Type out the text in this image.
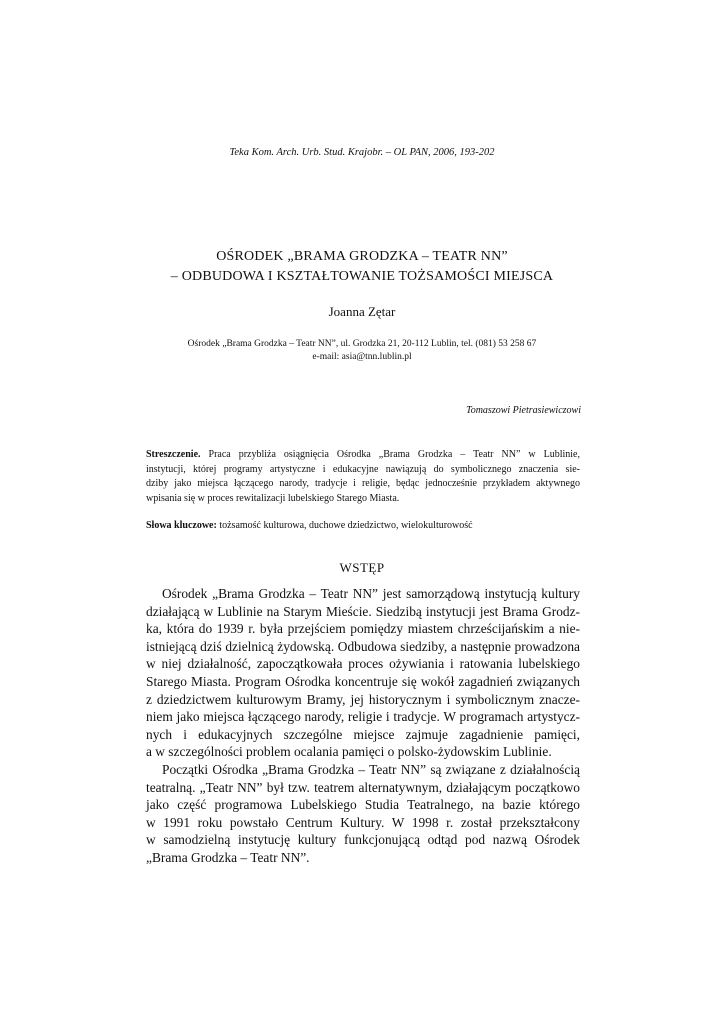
Teka Kom. Arch. Urb. Stud. Krajobr. – OL PAN, 2006, 193-202
OŚRODEK „BRAMA GRODZKA – TEATR NN”
– ODBUDOWA I KSZTAŁTOWANIE TOŻSAMOŚCI MIEJSCA
Joanna Zętar
Ośrodek „Brama Grodzka – Teatr NN”, ul. Grodzka 21, 20-112 Lublin, tel. (081) 53 258 67
e-mail: asia@tnn.lublin.pl
Tomaszowi Pietrasiewiczowi
Streszczenie. Praca przybliża osiągnięcia Ośrodka „Brama Grodzka – Teatr NN” w Lublinie,
instytucji, której programy artystyczne i edukacyjne nawiązują do symbolicznego znaczenia sie-
dziby jako miejsca łączącego narody, tradycje i religie, będąc jednocześnie przykładem aktywnego
wpisania się w proces rewitalizacji lubelskiego Starego Miasta.
Słowa kluczowe: tożsamość kulturowa, duchowe dziedzictwo, wielokulturowość
WSTĘP
Ośrodek „Brama Grodzka – Teatr NN” jest samorządową instytucją kultury
działającą w Lublinie na Starym Mieście. Siedzibą instytucji jest Brama Grodz-
ka, która do 1939 r. była przejściem pomiędzy miastem chrześcijańskim a nie-
istniejącą dziś dzielnicą żydowską. Odbudowa siedziby, a następnie prowadzona
w niej działalność, zapoczątkowała proces ożywiania i ratowania lubelskiego
Starego Miasta. Program Ośrodka koncentruje się wokół zagadnień związanych
z dziedzictwem kulturowym Bramy, jej historycznym i symbolicznym znacze-
niem jako miejsca łączącego narody, religie i tradycje. W programach artystycz-
nych i edukacyjnych szczególne miejsce zajmuje zagadnienie pamięci,
a w szczególności problem ocalania pamięci o polsko-żydowskim Lublinie.
Początki Ośrodka „Brama Grodzka – Teatr NN” są związane z działalnością
teatralną. „Teatr NN” był tzw. teatrem alternatywnym, działającym początkowo
jako część programowa Lubelskiego Studia Teatralnego, na bazie którego
w 1991 roku powstało Centrum Kultury. W 1998 r. został przekształcony
w samodzielną instytucję kultury funkcjonującą odtąd pod nazwą Ośrodek
„Brama Grodzka – Teatr NN”.
